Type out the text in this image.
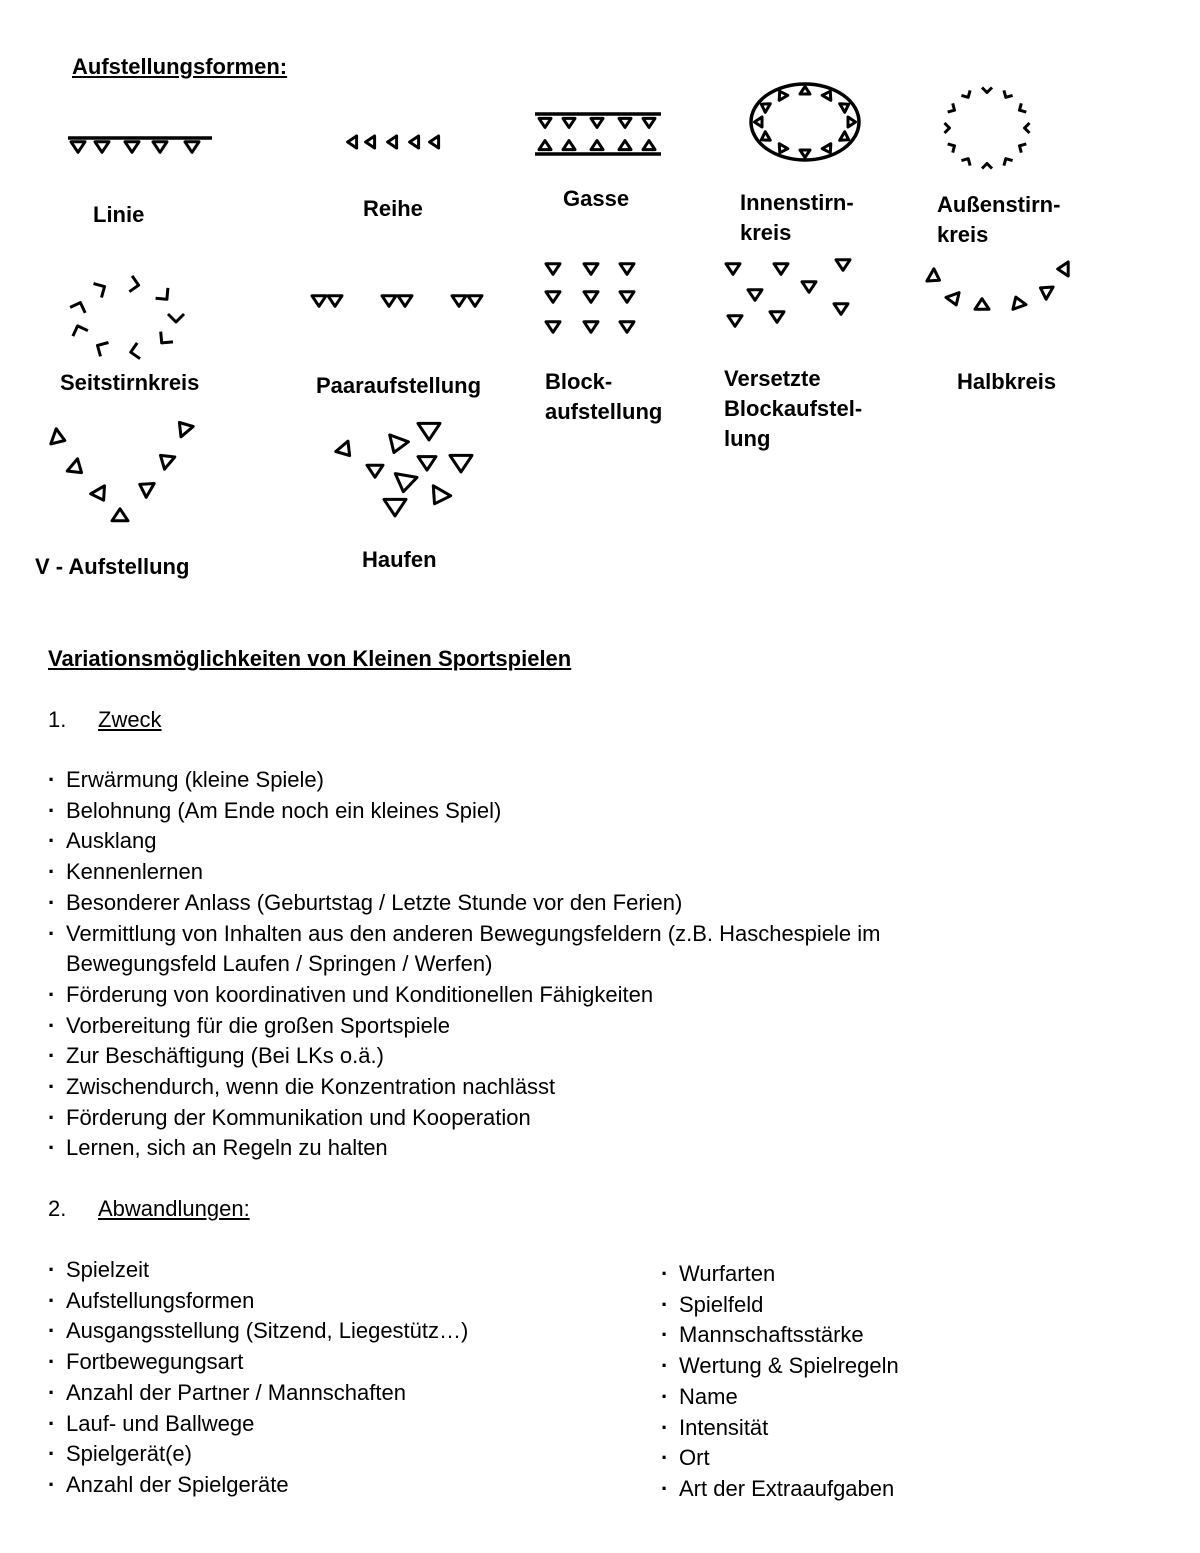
Aufstellungsformen:
Linie	Reihe	Gasse	Innenstirn-
kreis
Außenstirn-
kreis
Seitstirnkreis	Paaraufstellung	Block-
aufstellung
Versetzte
Blockaufstel-
lung
Halbkreis
V - Aufstellung	Haufen
Variationsmöglichkeiten von Kleinen Sportspielen
1. Zweck
· Erwärmung (kleine Spiele)
· Belohnung (Am Ende noch ein kleines Spiel)
· Ausklang
· Kennenlernen
· Besonderer Anlass (Geburtstag / Letzte Stunde vor den Ferien)
· Vermittlung von Inhalten aus den anderen Bewegungsfeldern (z.B. Haschespiele im Bewegungsfeld Laufen / Springen / Werfen)
· Förderung von koordinativen und Konditionellen Fähigkeiten
· Vorbereitung für die großen Sportspiele
· Zur Beschäftigung (Bei LKs o.ä.)
· Zwischendurch, wenn die Konzentration nachlässt
· Förderung der Kommunikation und Kooperation
· Lernen, sich an Regeln zu halten
2. Abwandlungen:
· Spielzeit
· Aufstellungsformen
· Ausgangsstellung (Sitzend, Liegestütz…)
· Fortbewegungsart
· Anzahl der Partner / Mannschaften
· Lauf- und Ballwege
· Spielgerät(e)
· Anzahl der Spielgeräte
· Wurfarten
· Spielfeld
· Mannschaftsstärke
· Wertung & Spielregeln
· Name
· Intensität
· Ort
· Art der Extraaufgaben
